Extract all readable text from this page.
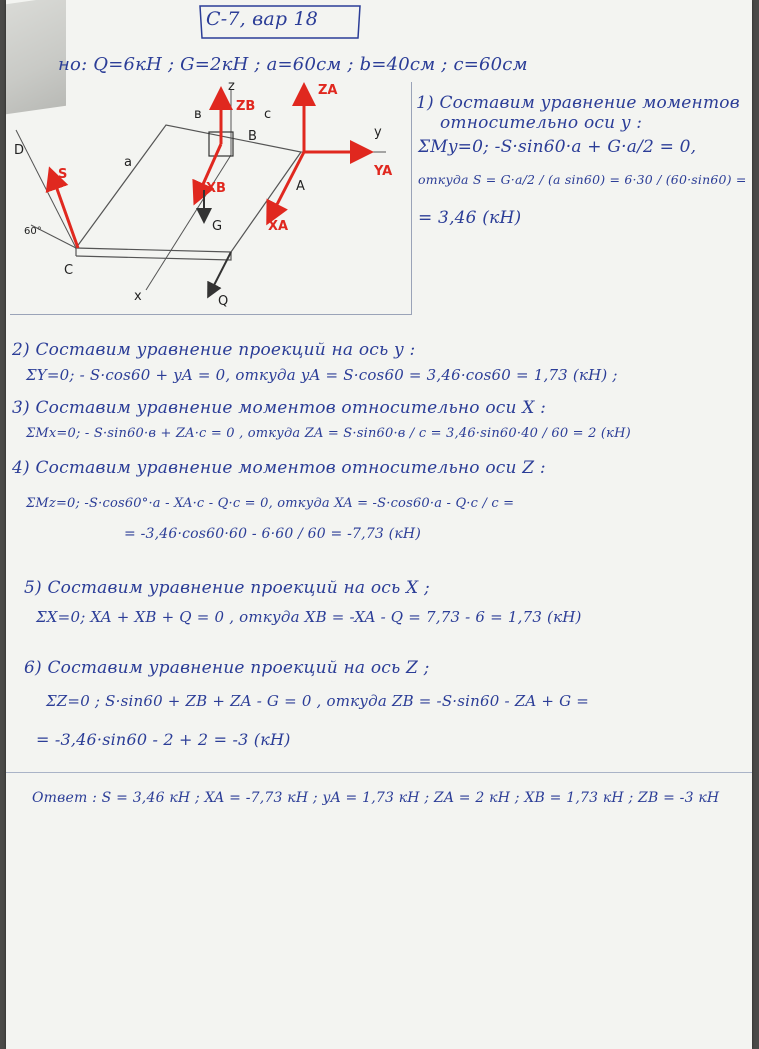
С-7, вар 18
но: Q=6кН ; G=2кН ; a=60см ; b=40см ; c=60см
z
ZB
ZA
y
YA
в	c
B
A
a
S
D
60°
XB
XA
G
C
x	Q
1) Составим уравнение моментов
относительно оси y :
ΣMy=0; -S·sin60·a + G·a/2 = 0,
откуда S = G·a/2 / (a sin60) = 6·30 / (60·sin60) =
= 3,46 (кН)
2) Составим уравнение проекций на ось y :
ΣY=0; - S·cos60 + yA = 0, откуда yA = S·cos60 = 3,46·cos60 = 1,73 (кН) ;
3) Составим уравнение моментов относительно оси X :
ΣMx=0; - S·sin60·в + ZA·c = 0 , откуда ZA = S·sin60·в / c = 3,46·sin60·40 / 60 = 2 (кН)
4) Составим уравнение моментов относительно оси Z :
ΣMz=0; -S·cos60°·a - XA·c - Q·c = 0, откуда XA = -S·cos60·a - Q·c / c =
= -3,46·cos60·60 - 6·60 / 60 = -7,73 (кН)
5) Составим уравнение проекций на ось X ;
ΣX=0; XA + XB + Q = 0 , откуда XB = -XA - Q = 7,73 - 6 = 1,73 (кН)
6) Составим уравнение проекций на ось Z ;
ΣZ=0 ; S·sin60 + ZB + ZA - G = 0 , откуда ZB = -S·sin60 - ZA + G =
= -3,46·sin60 - 2 + 2 = -3 (кН)
Ответ : S = 3,46 кН ; XA = -7,73 кН ; yA = 1,73 кН ; ZA = 2 кН ; XB = 1,73 кН ; ZB = -3 кН
